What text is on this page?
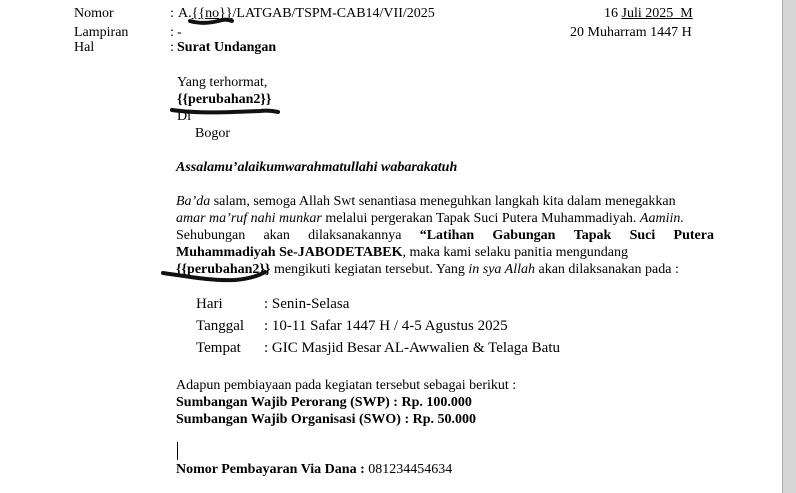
Nomor	: A.{{no}}/LATGAB/TSPM-CAB14/VII/2025	16 Juli 2025 M
Lampiran	: -	20 Muharram 1447 H
Hal	: Surat Undangan
Yang terhormat,
{{perubahan2}}
Di
Bogor
Assalamu’alaikumwarahmatullahi wabarakatuh
Ba’da salam, semoga Allah Swt senantiasa meneguhkan langkah kita dalam menegakkan
amar ma’ruf nahi munkar melalui pergerakan Tapak Suci Putera Muhammadiyah. Aamiin.
Sehubungan akan dilaksanakannya “Latihan Gabungan Tapak Suci Putera
Muhammadiyah Se-JABODETABEK, maka kami selaku panitia mengundang
{{perubahan2}} mengikuti kegiatan tersebut. Yang in sya Allah akan dilaksanakan pada :
Hari	: Senin-Selasa
Tanggal : 10-11 Safar 1447 H / 4-5 Agustus 2025
Tempat : GIC Masjid Besar AL-Awwalien & Telaga Batu
Adapun pembiayaan pada kegiatan tersebut sebagai berikut :
Sumbangan Wajib Perorang (SWP) : Rp. 100.000
Sumbangan Wajib Organisasi (SWO) : Rp. 50.000
Nomor Pembayaran Via Dana : 081234454634
